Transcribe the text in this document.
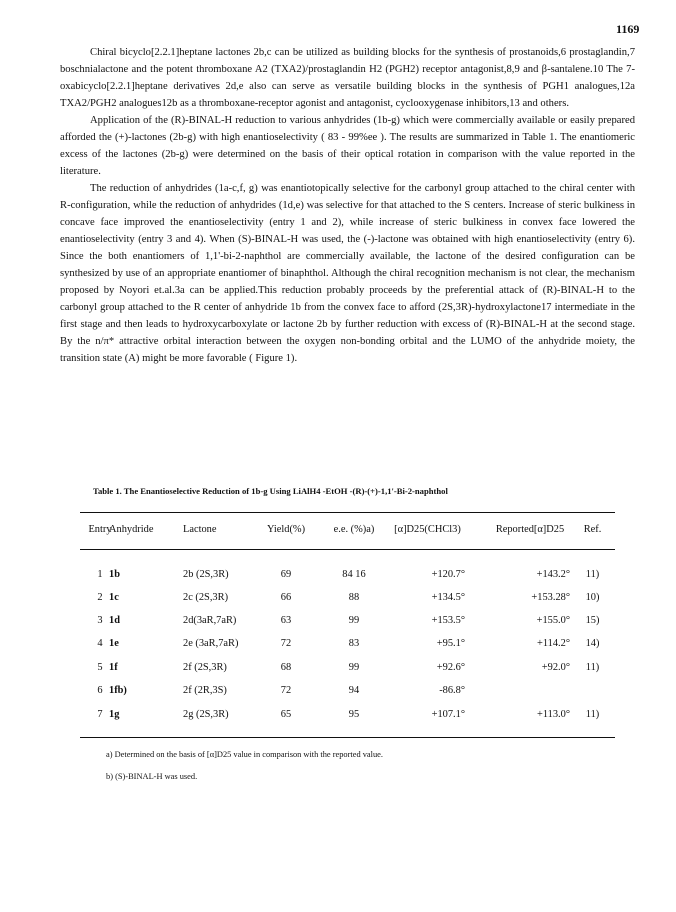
1169

Chiral bicyclo[2.2.1]heptane lactones 2b,c can be utilized as building blocks for the synthesis of prostanoids,6 prostaglandin,7 boschnialactone and the potent thromboxane A2 (TXA2)/prostaglandin H2 (PGH2) receptor antagonist,8,9 and β-santalene.10 The 7-oxabicyclo[2.2.1]heptane derivatives 2d,e also can serve as versatile building blocks in the synthesis of PGH1 analogues,12a TXA2/PGH2 analogues12b as a thromboxane-receptor agonist and antagonist, cyclooxygenase inhibitors,13 and others.

Application of the (R)-BINAL-H reduction to various anhydrides (1b-g) which were commercially available or easily prepared afforded the (+)-lactones (2b-g) with high enantioselectivity ( 83 - 99%ee ). The results are summarized in Table 1. The enantiomeric excess of the lactones (2b-g) were determined on the basis of their optical rotation in comparison with the value reported in the literature.

The reduction of anhydrides (1a-c,f, g) was enantiotopically selective for the carbonyl group attached to the chiral center with R-configuration, while the reduction of anhydrides (1d,e) was selective for that attached to the S centers. Increase of steric bulkiness in concave face improved the enantioselectivity (entry 1 and 2), while increase of steric bulkiness in convex face lowered the enantioselectivity (entry 3 and 4). When (S)-BINAL-H was used, the (-)-lactone was obtained with high enantioselectivity (entry 6). Since the both enantiomers of 1,1'-bi-2-naphthol are commercially available, the lactone of the desired configuration can be synthesized by use of an appropriate enantiomer of binaphthol. Although the chiral recognition mechanism is not clear, the mechanism proposed by Noyori et.al.3a can be applied.This reduction probably proceeds by the preferential attack of (R)-BINAL-H to the carbonyl group attached to the R center of anhydride 1b from the convex face to afford (2S,3R)-hydroxylactone17 intermediate in the first stage and then leads to hydroxycarboxylate or lactone 2b by further reduction with excess of (R)-BINAL-H at the second stage. By the n/π* attractive orbital interaction between the oxygen non-bonding orbital and the LUMO of the anhydride moiety, the transition state (A) might be more favorable ( Figure 1).

Table 1. The Enantioselective Reduction of 1b-g Using LiAlH4 -EtOH -(R)-(+)-1,1'-Bi-2-naphthol
Entry
Anhydride	Lactone	Yield(%)	e.e. (%)a)	[α]D25(CHCl3)	Reported[α]D25	Ref.
1 1b	2b (2S,3R)	69	84 16	+120.7°	+143.2°	11)
2 1c	2c (2S,3R)	66	88	+134.5°	+153.28°	10)
3 1d	2d(3aR,7aR)	63	99	+153.5°	+155.0°	15)
4 1e	2e (3aR,7aR)	72	83	+95.1°	+114.2°	14)
5 1f	2f (2S,3R)	68	99	+92.6°	+92.0°	11)
6 1fb)	2f (2R,3S)	72	94	-86.8°
7 1g	2g (2S,3R)	65	95	+107.1°	+113.0°	11)
a) Determined on the basis of [α]D25 value in comparison with the reported value.
b) (S)-BINAL-H was used.
